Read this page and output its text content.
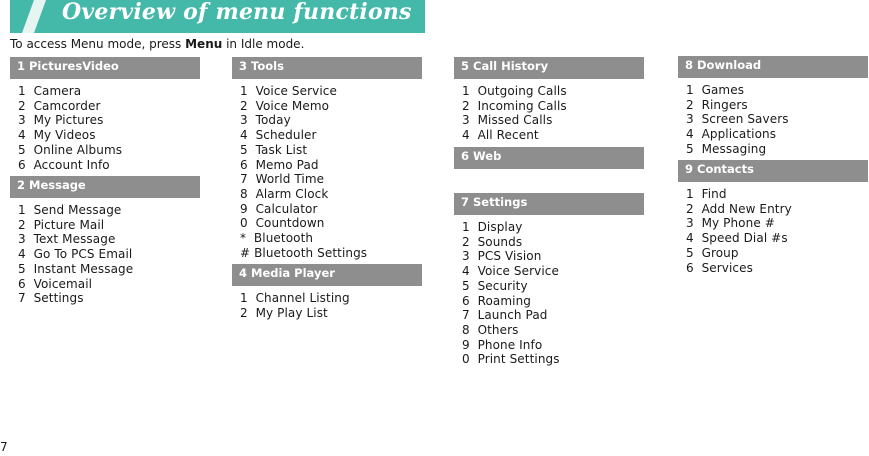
Overview of menu functions
To access Menu mode, press Menu in Idle mode.
1 PicturesVideo
1  Camera
2  Camcorder
3  My Pictures
4  My Videos
5  Online Albums
6  Account Info
2 Message
1  Send Message
2  Picture Mail
3  Text Message
4  Go To PCS Email
5  Instant Message
6  Voicemail
7  Settings
3 Tools
1  Voice Service
2  Voice Memo
3  Today
4  Scheduler
5  Task List
6  Memo Pad
7  World Time
8  Alarm Clock
9  Calculator
0  Countdown
*  Bluetooth
# Bluetooth Settings
4 Media Player
1  Channel Listing
2  My Play List
5 Call History
1  Outgoing Calls
2  Incoming Calls
3  Missed Calls
4  All Recent
6 Web
7 Settings
1  Display
2  Sounds
3  PCS Vision
4  Voice Service
5  Security
6  Roaming
7  Launch Pad
8  Others
9  Phone Info
0  Print Settings
8 Download
1  Games
2  Ringers
3  Screen Savers
4  Applications
5  Messaging
9 Contacts
1  Find
2  Add New Entry
3  My Phone #
4  Speed Dial #s
5  Group
6  Services
7
